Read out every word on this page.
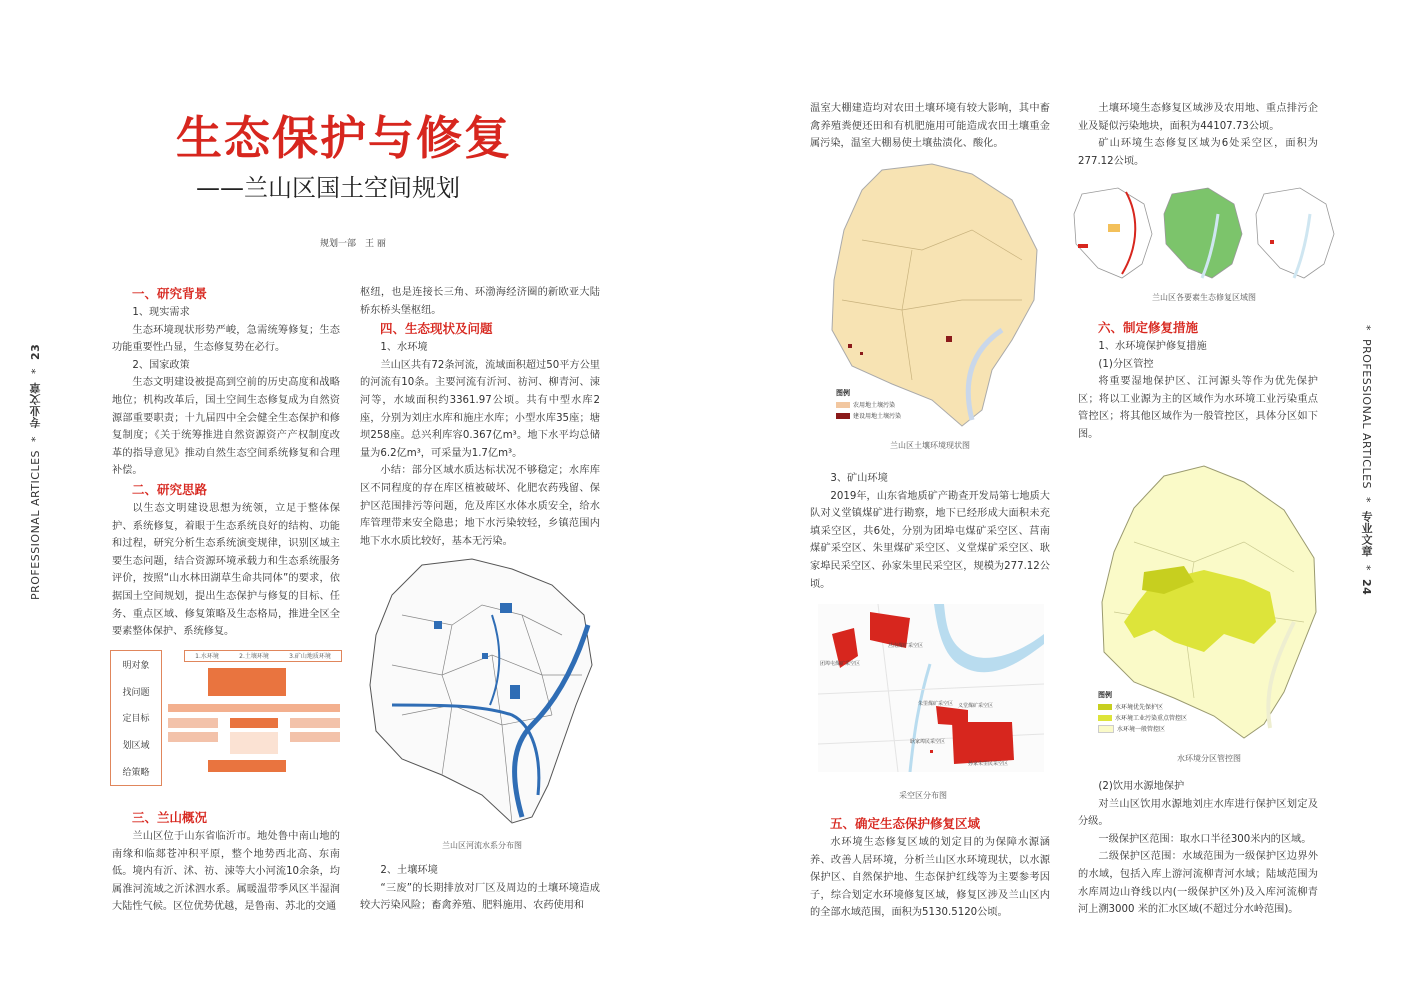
PROFESSIONAL ARTICLES  *  专业文章  *  23
*  PROFESSIONAL ARTICLES  *  专业文章  *  24
生态保护与修复
——兰山区国土空间规划
规划一部　王 丽
一、研究背景
1、现实需求

生态环境现状形势严峻，急需统筹修复；生态功能重要性凸显，生态修复势在必行。

2、国家政策

生态文明建设被提高到空前的历史高度和战略地位；机构改革后，国土空间生态修复成为自然资源部重要职责；十九届四中全会健全生态保护和修复制度；《关于统筹推进自然资源资产产权制度改革的指导意见》推动自然生态空间系统修复和合理补偿。

二、研究思路

以生态文明建设思想为统领，立足于整体保护、系统修复，着眼于生态系统良好的结构、功能和过程，研究分析生态系统演变规律，识别区域主要生态问题，结合资源环境承载力和生态系统服务评价，按照“山水林田湖草生命共同体”的要求，依据国土空间规划，提出生态保护与修复的目标、任务、重点区域、修复策略及生态格局，推进全区全要素整体保护、系统修复。

明对象
找问题
定目标
划区域
给策略
1.水环境	2.土壤环境	3.矿山地质环境
三、兰山概况

兰山区位于山东省临沂市。地处鲁中南山地的南缘和临郯苍冲积平原，整个地势西北高、东南低。境内有沂、沭、祊、涑等大小河流10余条，均属淮河流域之沂沭泗水系。属暖温带季风区半湿润大陆性气候。区位优势优越，是鲁南、苏北的交通

枢纽，也是连接长三角、环渤海经济圈的新欧亚大陆桥东桥头堡枢纽。

四、生态现状及问题
1、水环境

兰山区共有72条河流，流域面积超过50平方公里的河流有10条。主要河流有沂河、祊河、柳青河、涑河等，水域面积约3361.97公顷。共有中型水库2座，分别为刘庄水库和施庄水库；小型水库35座；塘坝258座。总兴利库容0.367亿m³。地下水平均总储量为6.2亿m³，可采量为1.7亿m³。

小结：部分区域水质达标状况不够稳定；水库库区不同程度的存在库区植被破坏、化肥农药残留、保护区范围排污等问题，危及库区水体水质安全，给水库管理带来安全隐患；地下水污染较轻，乡镇范围内地下水水质比较好，基本无污染。

兰山区河流水系分布图
2、土壤环境

“三废”的长期排放对厂区及周边的土壤环境造成较大污染风险；畜禽养殖、肥料施用、农药使用和

温室大棚建造均对农田土壤环境有较大影响，其中畜禽养殖粪便还田和有机肥施用可能造成农田土壤重金属污染，温室大棚易使土壤盐渍化、酸化。

图例
农用地土壤污染
建设用地土壤污染
兰山区土壤环境现状图
3、矿山环境

2019年，山东省地质矿产勘查开发局第七地质大队对义堂镇煤矿进行勘察，地下已经形成大面积未充填采空区，共6处，分别为团埠屯煤矿采空区、莒南煤矿采空区、朱里煤矿采空区、义堂煤矿采空区、耿家埠民采空区、孙家朱里民采空区，规模为277.12公顷。

团埠屯煤矿采空区
莒南煤矿采空区
朱里煤矿采空区 义堂煤矿采空区
耿家埠民采空区
孙家朱里民采空区
采空区分布图
五、确定生态保护修复区域

水环境生态修复区域的划定目的为保障水源涵养、改善人居环境，分析兰山区水环境现状，以水源保护区、自然保护地、生态保护红线等为主要参考因子，综合划定水环境修复区域，修复区涉及兰山区内的全部水域范围，面积为5130.5120公顷。

土壤环境生态修复区域涉及农用地、重点排污企业及疑似污染地块，面积为44107.73公顷。

矿山环境生态修复区域为6处采空区，面积为277.12公顷。

兰山区各要素生态修复区域图
六、制定修复措施
1、水环境保护修复措施
(1)分区管控

将重要湿地保护区、江河源头等作为优先保护区；将以工业源为主的区域作为水环境工业污染重点管控区；将其他区域作为一般管控区，具体分区如下图。

图例
水环境优先保护区
水环境工业污染重点管控区
水环境一般管控区
水环境分区管控图
(2)饮用水源地保护

对兰山区饮用水源地刘庄水库进行保护区划定及分级。

一级保护区范围：取水口半径300米内的区域。

二级保护区范围：水域范围为一级保护区边界外的水域，包括入库上游河流柳青河水域；陆域范围为水库周边山脊线以内(一级保护区外)及入库河流柳青河上溯3000 米的汇水区域(不超过分水岭范围)。
